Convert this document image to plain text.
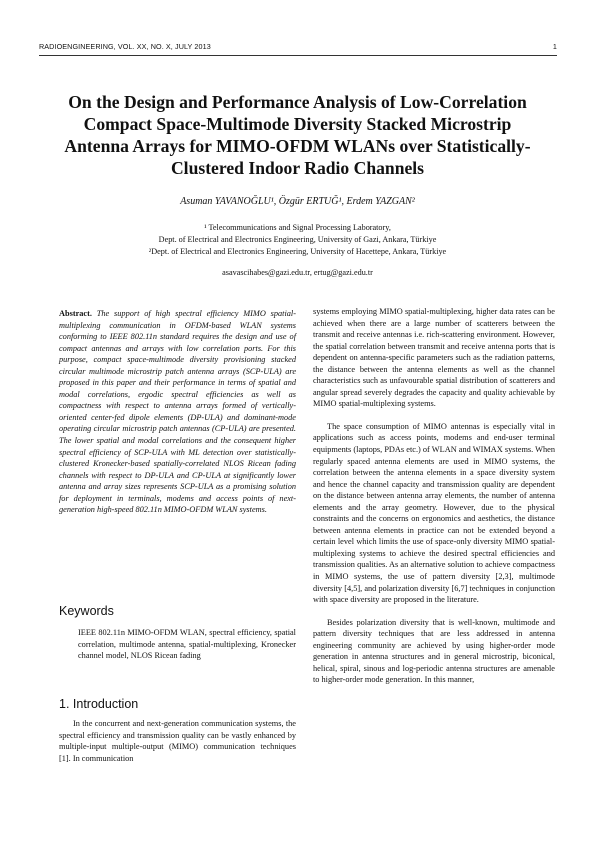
RADIOENGINEERING, VOL. XX, NO. X, JULY 2013	1
On the Design and Performance Analysis of Low-Correlation Compact Space-Multimode Diversity Stacked Microstrip Antenna Arrays for MIMO-OFDM WLANs over Statistically-Clustered Indoor Radio Channels
Asuman YAVANOĞLU¹, Özgür ERTUĞ¹, Erdem YAZGAN²
¹ Telecommunications and Signal Processing Laboratory,
Dept. of Electrical and Electronics Engineering, University of Gazi, Ankara, Türkiye
²Dept. of Electrical and Electronics Engineering, University of Hacettepe, Ankara, Türkiye
asavascihabes@gazi.edu.tr, ertug@gazi.edu.tr
Abstract. The support of high spectral efficiency MIMO spatial-multiplexing communication in OFDM-based WLAN systems conforming to IEEE 802.11n standard requires the design and use of compact antennas and arrays with low correlation ports. For this purpose, compact space-multimode diversity provisioning stacked circular multimode microstrip patch antenna arrays (SCP-ULA) are proposed in this paper and their performance in terms of spatial and modal correlations, ergodic spectral efficiencies as well as compactness with respect to antenna arrays formed of vertically-oriented center-fed dipole elements (DP-ULA) and dominant-mode operating circular microstrip patch antennas (CP-ULA) are presented. The lower spatial and modal correlations and the consequent higher spectral efficiency of SCP-ULA with ML detection over statistically-clustered Kronecker-based spatially-correlated NLOS Ricean fading channels with respect to DP-ULA and CP-ULA at significantly lower antenna and array sizes represents SCP-ULA as a promising solution for deployment in terminals, modems and access points of next-generation high-speed 802.11n MIMO-OFDM WLAN systems.
Keywords
IEEE 802.11n MIMO-OFDM WLAN, spectral efficiency, spatial correlation, multimode antenna, spatial-multiplexing, Kronecker channel model, NLOS Ricean fading
1. Introduction

In the concurrent and next-generation communication systems, the spectral efficiency and transmission quality can be vastly enhanced by multiple-input multiple-output (MIMO) communication techniques [1]. In communication

systems employing MIMO spatial-multiplexing, higher data rates can be achieved when there are a large number of scatterers between the transmit and receive antennas i.e. rich-scattering environment. However, the spatial correlation between transmit and receive antenna ports that is dependent on antenna-specific parameters such as the radiation patterns, the distance between the antenna elements as well as the channel characteristics such as unfavourable spatial distribution of scatterers and angular spread severely degrades the capacity and quality achievable by MIMO spatial-multiplexing systems.

The space consumption of MIMO antennas is especially vital in applications such as access points, modems and end-user terminal equipments (laptops, PDAs etc.) of WLAN and WIMAX systems. When regularly spaced antenna elements are used in MIMO systems, the correlation between the antenna elements in a space diversity system and hence the channel capacity and transmission quality are dependent on the distance between antenna array elements, the number of antenna elements and the array geometry. However, due to the physical constraints and the concerns on ergonomics and aesthetics, the distance between antenna elements in practice can not be extended beyond a certain level which limits the use of space-only diversity MIMO spatial-multiplexing systems to achieve the desired spectral efficiencies and transmission qualities. As an alternative solution to achieve compactness in MIMO systems, the use of pattern diversity [2,3], multimode diversity [4,5], and polarization diversity [6,7] techniques in conjunction with space diversity are proposed in the literature.

Besides polarization diversity that is well-known, multimode and pattern diversity techniques that are less addressed in antenna engineering community are achieved by using higher-order mode generation in antenna structures and in general microstrip, biconical, helical, spiral, sinous and log-periodic antenna structures are amenable to higher-order mode generation. In this manner,
